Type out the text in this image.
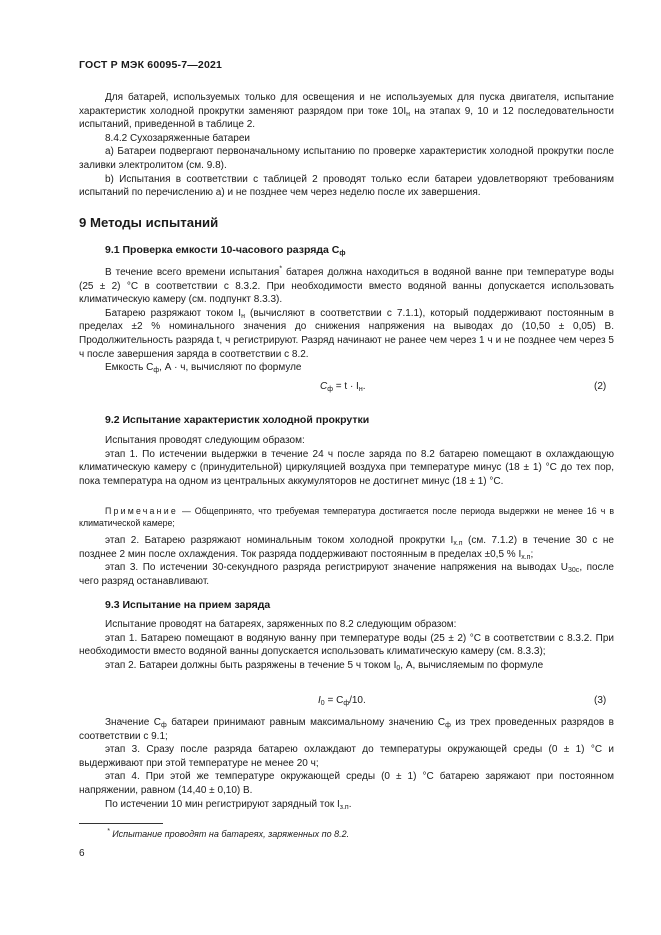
ГОСТ Р МЭК 60095-7—2021

Для батарей, используемых только для освещения и не используемых для пуска двигателя, испытание характеристик холодной прокрутки заменяют разрядом при токе $10I_н$ на этапах 9, 10 и 12 последовательности испытаний, приведенной в таблице 2.

8.4.2 Сухозаряженные батареи

a) Батареи подвергают первоначальному испытанию по проверке характеристик холодной прокрутки после заливки электролитом (см. 9.8).

b) Испытания в соответствии с таблицей 2 проводят только если батареи удовлетворяют требованиям испытаний по перечислению a) и не позднее чем через неделю после их завершения.

9 Методы испытаний
9.1 Проверка емкости 10-часового разряда $C_ф$

В течение всего времени испытания* батарея должна находиться в водяной ванне при температуре воды (25 ± 2) °С в соответствии с 8.3.2. При необходимости вместо водяной ванны допускается использовать климатическую камеру (см. подпункт 8.3.3).

Батарею разряжают током $I_н$ (вычисляют в соответствии с 7.1.1), который поддерживают постоянным в пределах ±2 % номинального значения до снижения напряжения на выводах до (10,50 ± 0,05) В. Продолжительность разряда t, ч регистрируют. Разряд начинают не ранее чем через 1 ч и не позднее чем через 5 ч после завершения заряда в соответствии с 8.2.

Емкость $C_ф$, А · ч, вычисляют по формуле

$C_ф = t \cdot I_н$.	(2)
9.2 Испытание характеристик холодной прокрутки

Испытания проводят следующим образом:

этап 1. По истечении выдержки в течение 24 ч после заряда по 8.2 батарею помещают в охлаждающую климатическую камеру с (принудительной) циркуляцией воздуха при температуре минус (18 ± 1) °С до тех пор, пока температура на одном из центральных аккумуляторов не достигнет минус (18 ± 1) °С.

Примечание — Общепринято, что требуемая температура достигается после периода выдержки не менее 16 ч в климатической камере;

этап 2. Батарею разряжают номинальным током холодной прокрутки $I_{х.п}$ (см. 7.1.2) в течение 30 с не позднее 2 мин после охлаждения. Ток разряда поддерживают постоянным в пределах ±0,5 % $I_{х.п}$;

этап 3. По истечении 30-секундного разряда регистрируют значение напряжения на выводах $U_{30с}$, после чего разряд останавливают.

9.3 Испытание на прием заряда

Испытание проводят на батареях, заряженных по 8.2 следующим образом:

этап 1. Батарею помещают в водяную ванну при температуре воды (25 ± 2) °С в соответствии с 8.3.2. При необходимости вместо водяной ванны допускается использовать климатическую камеру (см. 8.3.3);

этап 2. Батареи должны быть разряжены в течение 5 ч током $I_0$, А, вычисляемым по формуле

$I_0 = C_ф/10$.	(3)

Значение $C_ф$ батареи принимают равным максимальному значению $C_ф$ из трех проведенных разрядов в соответствии с 9.1;

этап 3. Сразу после разряда батарею охлаждают до температуры окружающей среды (0 ± 1) °С и выдерживают при этой температуре не менее 20 ч;

этап 4. При этой же температуре окружающей среды (0 ± 1) °С батарею заряжают при постоянном напряжении, равном (14,40 ± 0,10) В.

По истечении 10 мин регистрируют зарядный ток $I_{з.п}$.

* Испытание проводят на батареях, заряженных по 8.2.
6
